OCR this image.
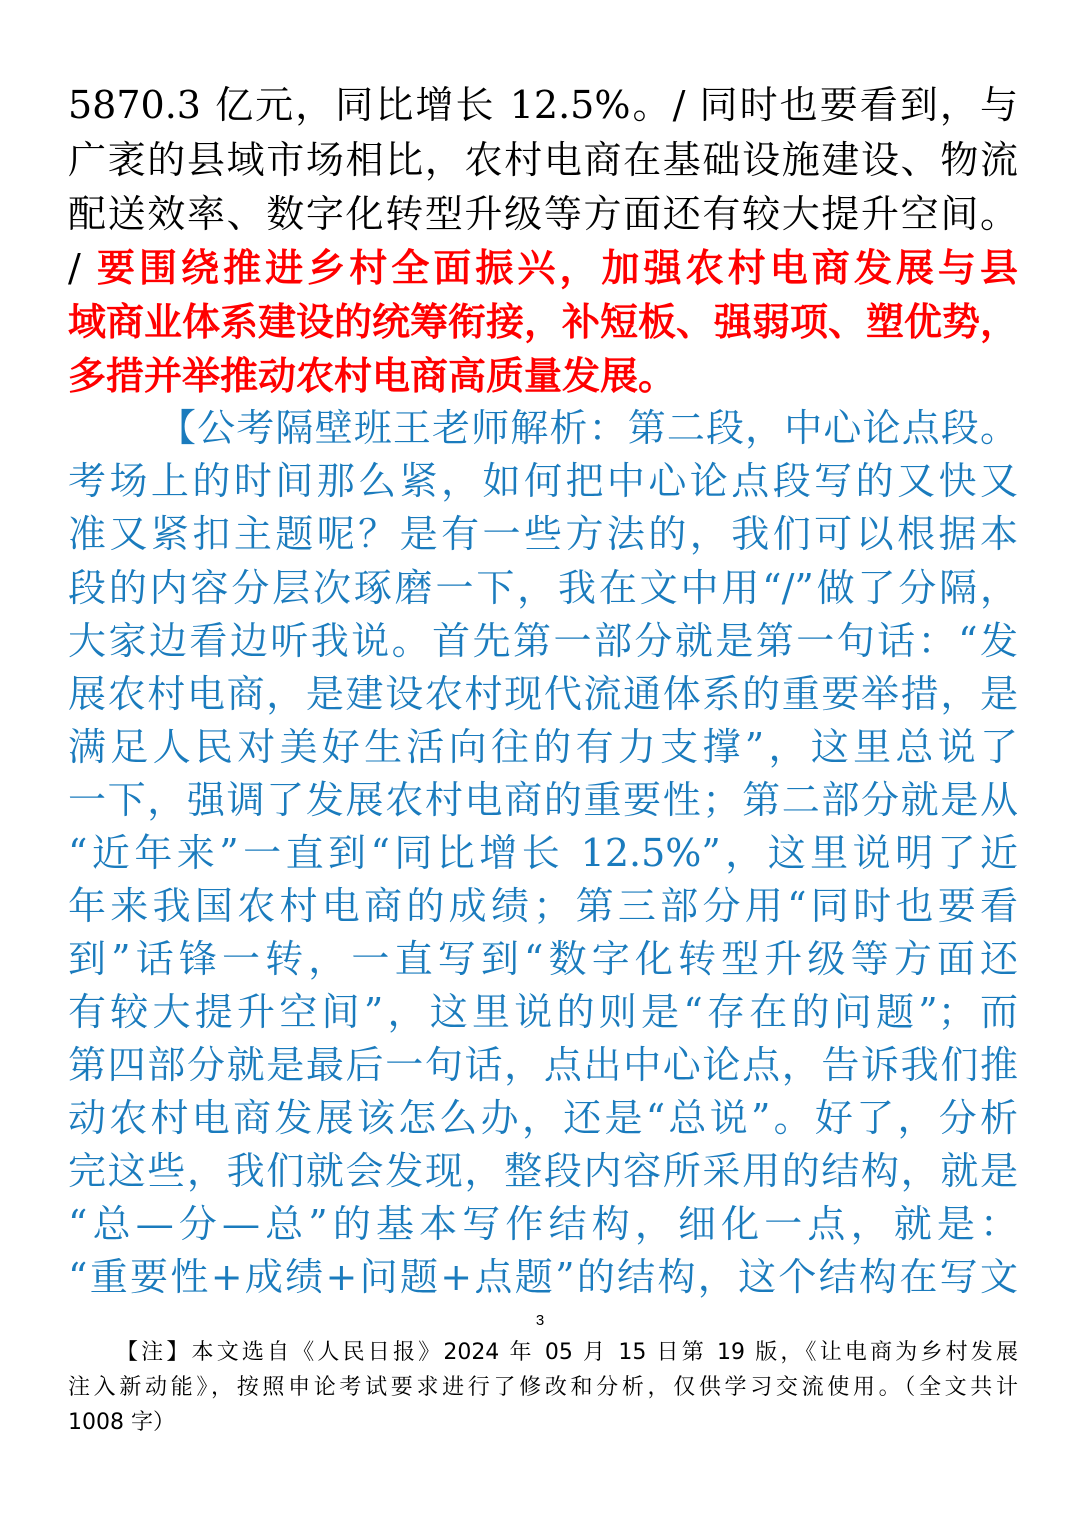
5870.3 亿元，同比增长 12.5%。/ 同时也要看到，与
广袤的县域市场相比，农村电商在基础设施建设、物流
配送效率、数字化转型升级等方面还有较大提升空间。
/ 要围绕推进乡村全面振兴，加强农村电商发展与县
域商业体系建设的统筹衔接，补短板、强弱项、塑优势，
多措并举推动农村电商高质量发展。
【公考隔壁班王老师解析：第二段，中心论点段。
考场上的时间那么紧，如何把中心论点段写的又快又
准又紧扣主题呢？是有一些方法的，我们可以根据本
段的内容分层次琢磨一下，我在文中用“/”做了分隔，
大家边看边听我说。首先第一部分就是第一句话：“发
展农村电商，是建设农村现代流通体系的重要举措，是
满足人民对美好生活向往的有力支撑”，这里总说了
一下，强调了发展农村电商的重要性；第二部分就是从
“近年来”一直到“同比增长 12.5%”，这里说明了近
年来我国农村电商的成绩；第三部分用“同时也要看
到”话锋一转，一直写到“数字化转型升级等方面还
有较大提升空间”，这里说的则是“存在的问题”；而
第四部分就是最后一句话，点出中心论点，告诉我们推
动农村电商发展该怎么办，还是“总说”。好了，分析
完这些，我们就会发现，整段内容所采用的结构，就是
“总—分—总”的基本写作结构，细化一点，就是：
“重要性+成绩+问题+点题”的结构，这个结构在写文
3
【注】本文选自《人民日报》2024 年 05 月 15 日第 19 版，《让电商为乡村发展
注入新动能》，按照申论考试要求进行了修改和分析，仅供学习交流使用。（全文共计
1008 字）
